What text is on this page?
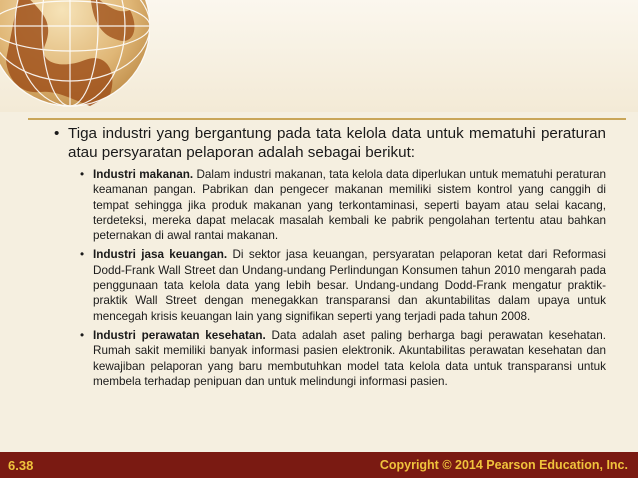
• Tiga industri yang bergantung pada tata kelola data untuk mematuhi peraturan atau persyaratan pelaporan adalah sebagai berikut:
• Industri makanan. Dalam industri makanan, tata kelola data diperlukan untuk mematuhi peraturan keamanan pangan. Pabrikan dan pengecer makanan memiliki sistem kontrol yang canggih di tempat sehingga jika produk makanan yang terkontaminasi, seperti bayam atau selai kacang, terdeteksi, mereka dapat melacak masalah kembali ke pabrik pengolahan tertentu atau bahkan peternakan di awal rantai makanan.
• Industri jasa keuangan. Di sektor jasa keuangan, persyaratan pelaporan ketat dari Reformasi Dodd-Frank Wall Street dan Undang-undang Perlindungan Konsumen tahun 2010 mengarah pada penggunaan tata kelola data yang lebih besar. Undang-undang Dodd-Frank mengatur praktik-praktik Wall Street dengan menegakkan transparansi dan akuntabilitas dalam upaya untuk mencegah krisis keuangan lain yang signifikan seperti yang terjadi pada tahun 2008.
• Industri perawatan kesehatan. Data adalah aset paling berharga bagi perawatan kesehatan. Rumah sakit memiliki banyak informasi pasien elektronik. Akuntabilitas perawatan kesehatan dan kewajiban pelaporan yang baru membutuhkan model tata kelola data untuk transparansi untuk membela terhadap penipuan dan untuk melindungi informasi pasien.
6.38	Copyright © 2014 Pearson Education, Inc.
